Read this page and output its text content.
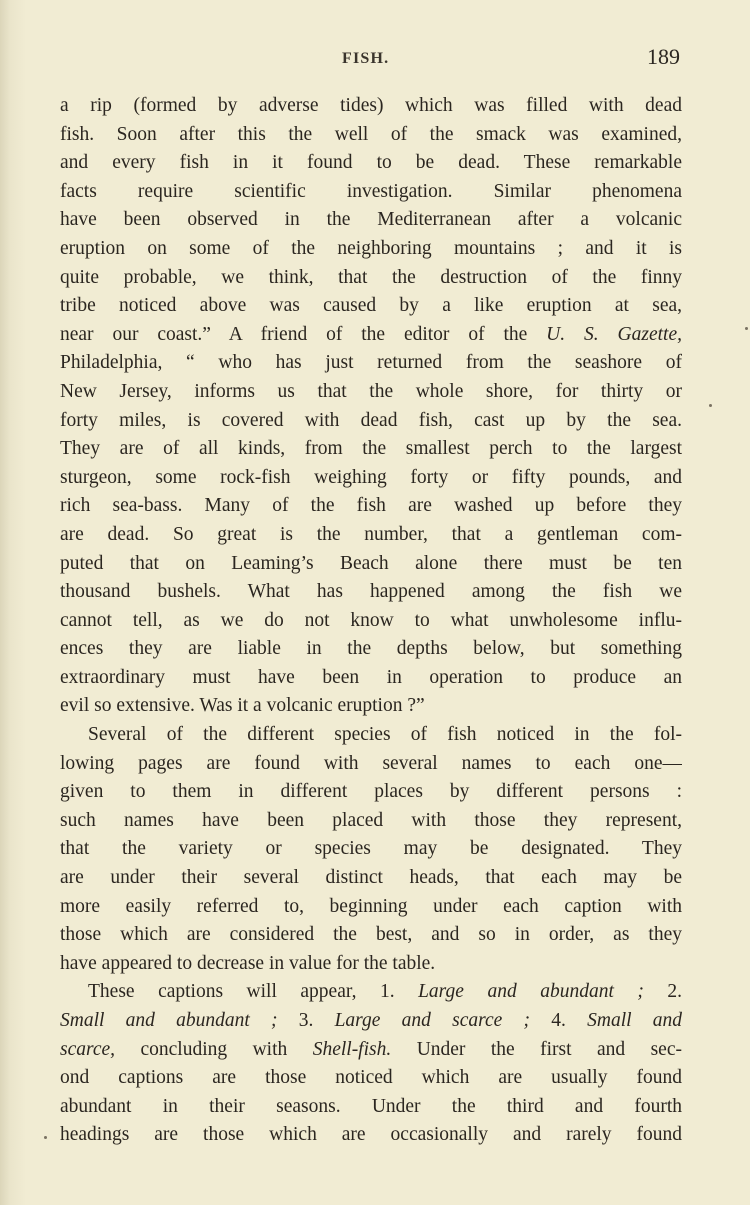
FISH.	189
a rip (formed by adverse tides) which was filled with dead
fish. Soon after this the well of the smack was examined,
and every fish in it found to be dead. These remarkable
facts require scientific investigation. Similar phenomena
have been observed in the Mediterranean after a volcanic
eruption on some of the neighboring mountains ; and it is
quite probable, we think, that the destruction of the finny
tribe noticed above was caused by a like eruption at sea,
near our coast.” A friend of the editor of the U. S. Gazette,
Philadelphia, “ who has just returned from the seashore of
New Jersey, informs us that the whole shore, for thirty or
forty miles, is covered with dead fish, cast up by the sea.
They are of all kinds, from the smallest perch to the largest
sturgeon, some rock-fish weighing forty or fifty pounds, and
rich sea-bass. Many of the fish are washed up before they
are dead. So great is the number, that a gentleman com-
puted that on Leaming’s Beach alone there must be ten
thousand bushels. What has happened among the fish we
cannot tell, as we do not know to what unwholesome influ-
ences they are liable in the depths below, but something
extraordinary must have been in operation to produce an
evil so extensive. Was it a volcanic eruption ?”
Several of the different species of fish noticed in the fol-
lowing pages are found with several names to each one—
given to them in different places by different persons :
such names have been placed with those they represent,
that the variety or species may be designated. They
are under their several distinct heads, that each may be
more easily referred to, beginning under each caption with
those which are considered the best, and so in order, as they
have appeared to decrease in value for the table.
These captions will appear, 1. Large and abundant ; 2.
Small and abundant ; 3. Large and scarce ; 4. Small and
scarce, concluding with Shell-fish. Under the first and sec-
ond captions are those noticed which are usually found
abundant in their seasons. Under the third and fourth
headings are those which are occasionally and rarely found
